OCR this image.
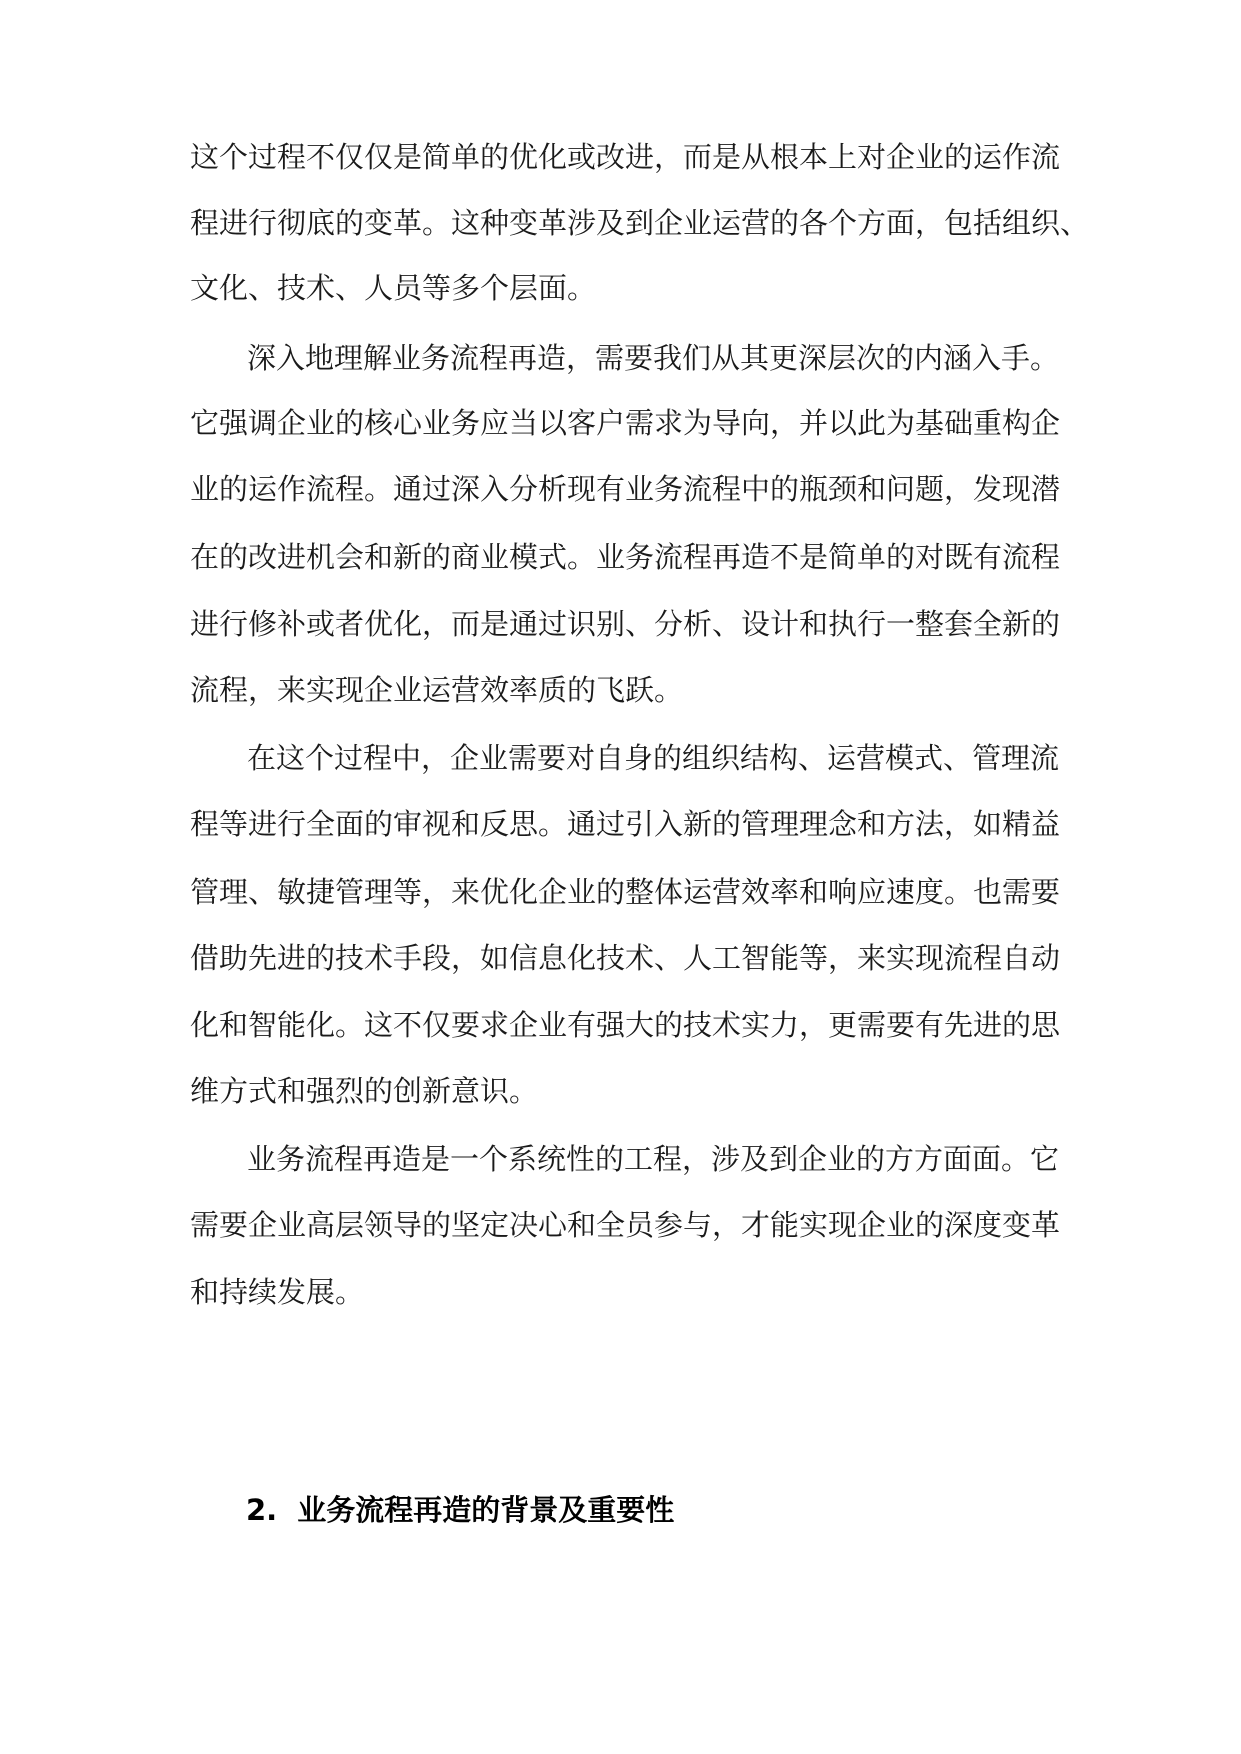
这个过程不仅仅是简单的优化或改进，而是从根本上对企业的运作流
程进行彻底的变革。这种变革涉及到企业运营的各个方面，包括组织、
文化、技术、人员等多个层面。
深入地理解业务流程再造，需要我们从其更深层次的内涵入手。
它强调企业的核心业务应当以客户需求为导向，并以此为基础重构企
业的运作流程。通过深入分析现有业务流程中的瓶颈和问题，发现潜
在的改进机会和新的商业模式。业务流程再造不是简单的对既有流程
进行修补或者优化，而是通过识别、分析、设计和执行一整套全新的
流程，来实现企业运营效率质的飞跃。
在这个过程中，企业需要对自身的组织结构、运营模式、管理流
程等进行全面的审视和反思。通过引入新的管理理念和方法，如精益
管理、敏捷管理等，来优化企业的整体运营效率和响应速度。也需要
借助先进的技术手段，如信息化技术、人工智能等，来实现流程自动
化和智能化。这不仅要求企业有强大的技术实力，更需要有先进的思
维方式和强烈的创新意识。
业务流程再造是一个系统性的工程，涉及到企业的方方面面。它
需要企业高层领导的坚定决心和全员参与，才能实现企业的深度变革
和持续发展。
2. 业务流程再造的背景及重要性
